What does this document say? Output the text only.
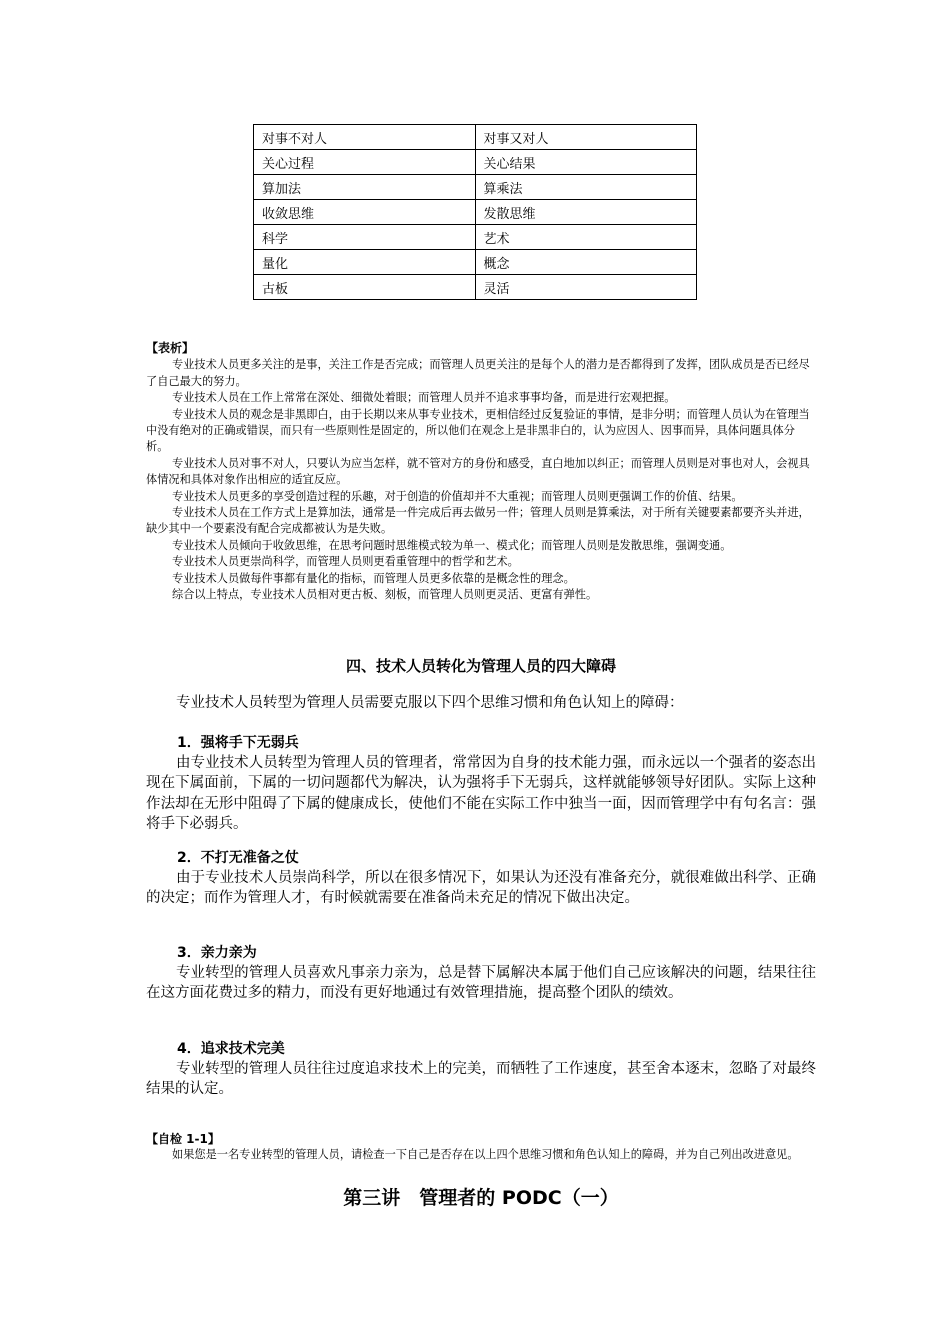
对事不对人	对事又对人
关心过程	关心结果
算加法	算乘法
收敛思维	发散思维
科学	艺术
量化	概念
古板	灵活
【表析】

专业技术人员更多关注的是事，关注工作是否完成；而管理人员更关注的是每个人的潜力是否都得到了发挥，团队成员是否已经尽了自己最大的努力。

专业技术人员在工作上常常在深处、细微处着眼；而管理人员并不追求事事均备，而是进行宏观把握。

专业技术人员的观念是非黑即白，由于长期以来从事专业技术，更相信经过反复验证的事情，是非分明；而管理人员认为在管理当中没有绝对的正确或错误，而只有一些原则性是固定的，所以他们在观念上是非黑非白的，认为应因人、因事而异，具体问题具体分析。

专业技术人员对事不对人，只要认为应当怎样，就不管对方的身份和感受，直白地加以纠正；而管理人员则是对事也对人，会视具体情况和具体对象作出相应的适宜反应。

专业技术人员更多的享受创造过程的乐趣，对于创造的价值却并不大重视；而管理人员则更强调工作的价值、结果。

专业技术人员在工作方式上是算加法，通常是一件完成后再去做另一件；管理人员则是算乘法，对于所有关键要素都要齐头并进，缺少其中一个要素没有配合完成都被认为是失败。

专业技术人员倾向于收敛思维，在思考问题时思维模式较为单一、模式化；而管理人员则是发散思维，强调变通。

专业技术人员更崇尚科学，而管理人员则更看重管理中的哲学和艺术。

专业技术人员做每件事都有量化的指标，而管理人员更多依靠的是概念性的理念。

综合以上特点，专业技术人员相对更古板、刻板，而管理人员则更灵活、更富有弹性。

四、技术人员转化为管理人员的四大障碍

专业技术人员转型为管理人员需要克服以下四个思维习惯和角色认知上的障碍：

1．强将手下无弱兵

由专业技术人员转型为管理人员的管理者，常常因为自身的技术能力强，而永远以一个强者的姿态出现在下属面前，下属的一切问题都代为解决，认为强将手下无弱兵，这样就能够领导好团队。实际上这种作法却在无形中阻碍了下属的健康成长，使他们不能在实际工作中独当一面，因而管理学中有句名言：强将手下必弱兵。

2．不打无准备之仗

由于专业技术人员崇尚科学，所以在很多情况下，如果认为还没有准备充分，就很难做出科学、正确的决定；而作为管理人才，有时候就需要在准备尚未充足的情况下做出决定。

3．亲力亲为

专业转型的管理人员喜欢凡事亲力亲为，总是替下属解决本属于他们自己应该解决的问题，结果往往在这方面花费过多的精力，而没有更好地通过有效管理措施，提高整个团队的绩效。

4．追求技术完美

专业转型的管理人员往往过度追求技术上的完美，而牺牲了工作速度，甚至舍本逐末，忽略了对最终结果的认定。

【自检 1-1】

如果您是一名专业转型的管理人员，请检查一下自己是否存在以上四个思维习惯和角色认知上的障碍，并为自己列出改进意见。

第三讲　管理者的 PODC（一）
